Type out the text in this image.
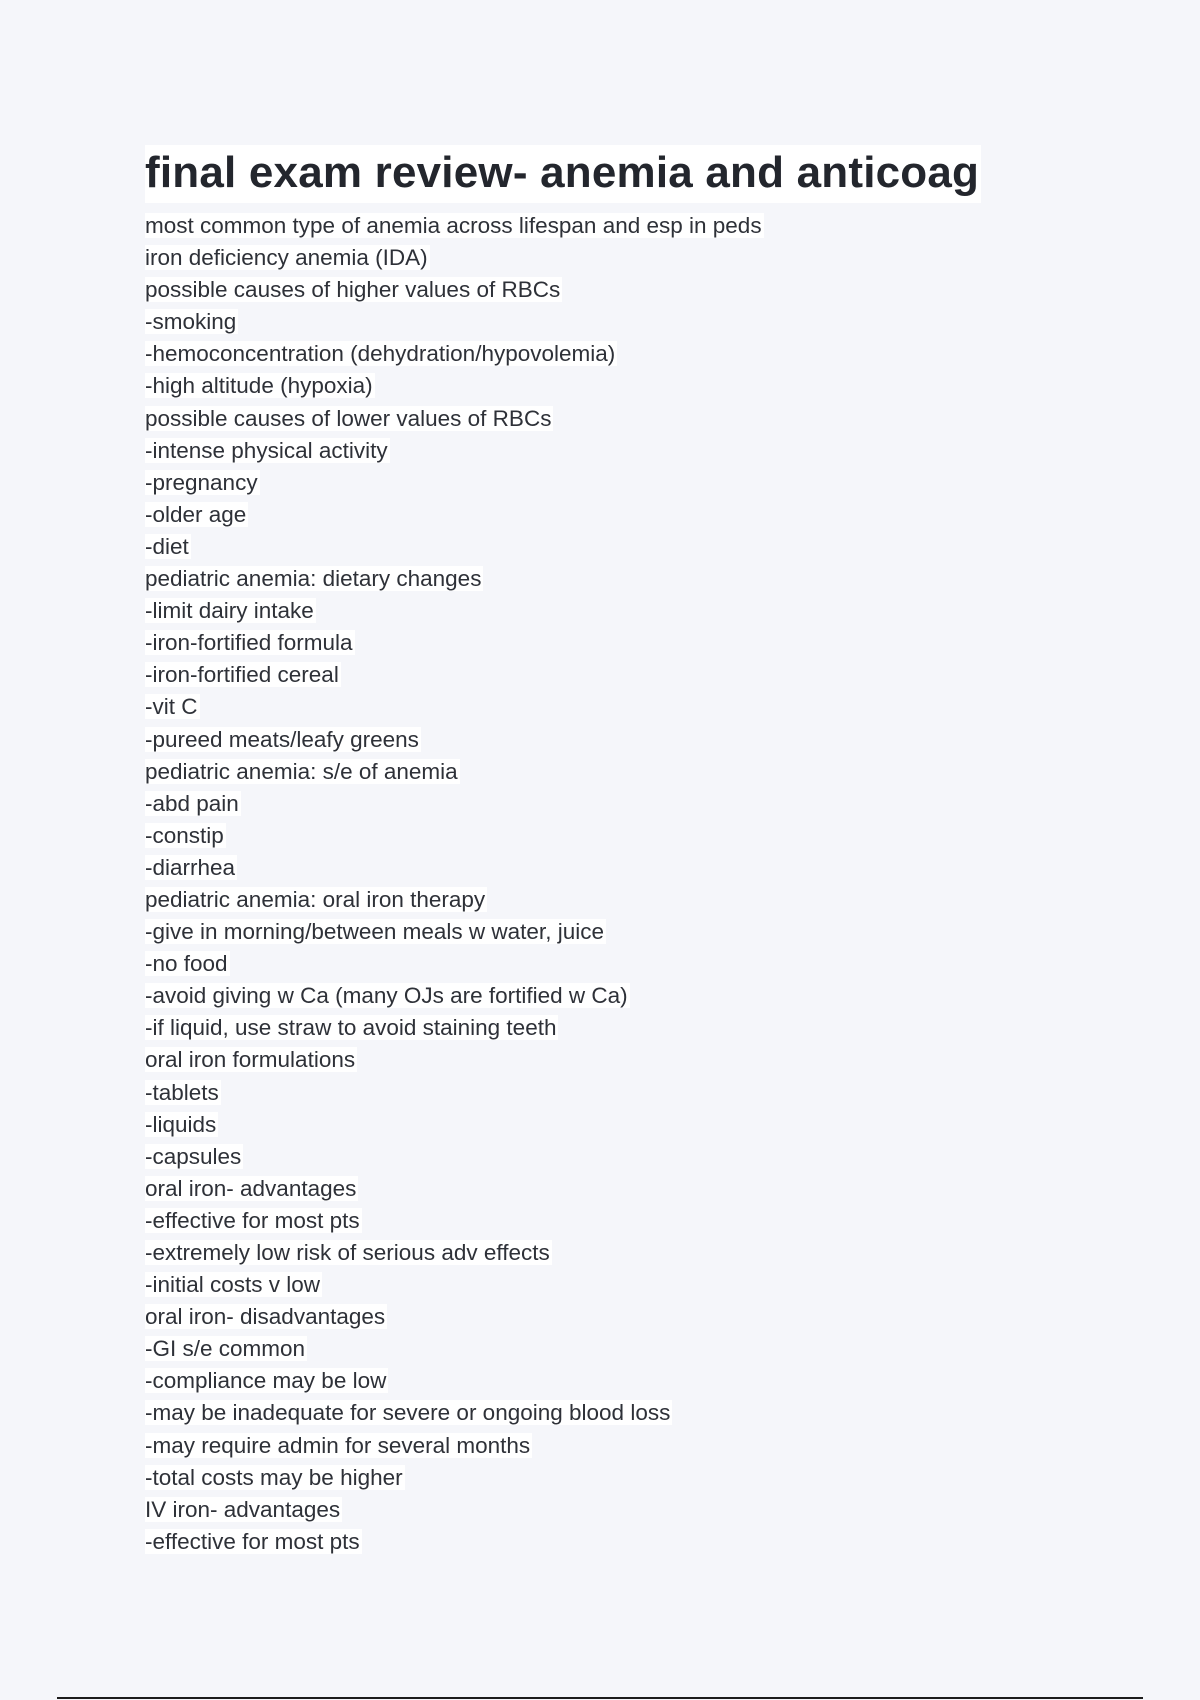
final exam review- anemia and anticoag
most common type of anemia across lifespan and esp in peds
iron deficiency anemia (IDA)
possible causes of higher values of RBCs
-smoking
-hemoconcentration (dehydration/hypovolemia)
-high altitude (hypoxia)
possible causes of lower values of RBCs
-intense physical activity
-pregnancy
-older age
-diet
pediatric anemia: dietary changes
-limit dairy intake
-iron-fortified formula
-iron-fortified cereal
-vit C
-pureed meats/leafy greens
pediatric anemia: s/e of anemia
-abd pain
-constip
-diarrhea
pediatric anemia: oral iron therapy
-give in morning/between meals w water, juice
-no food
-avoid giving w Ca (many OJs are fortified w Ca)
-if liquid, use straw to avoid staining teeth
oral iron formulations
-tablets
-liquids
-capsules
oral iron- advantages
-effective for most pts
-extremely low risk of serious adv effects
-initial costs v low
oral iron- disadvantages
-GI s/e common
-compliance may be low
-may be inadequate for severe or ongoing blood loss
-may require admin for several months
-total costs may be higher
IV iron- advantages
-effective for most pts
